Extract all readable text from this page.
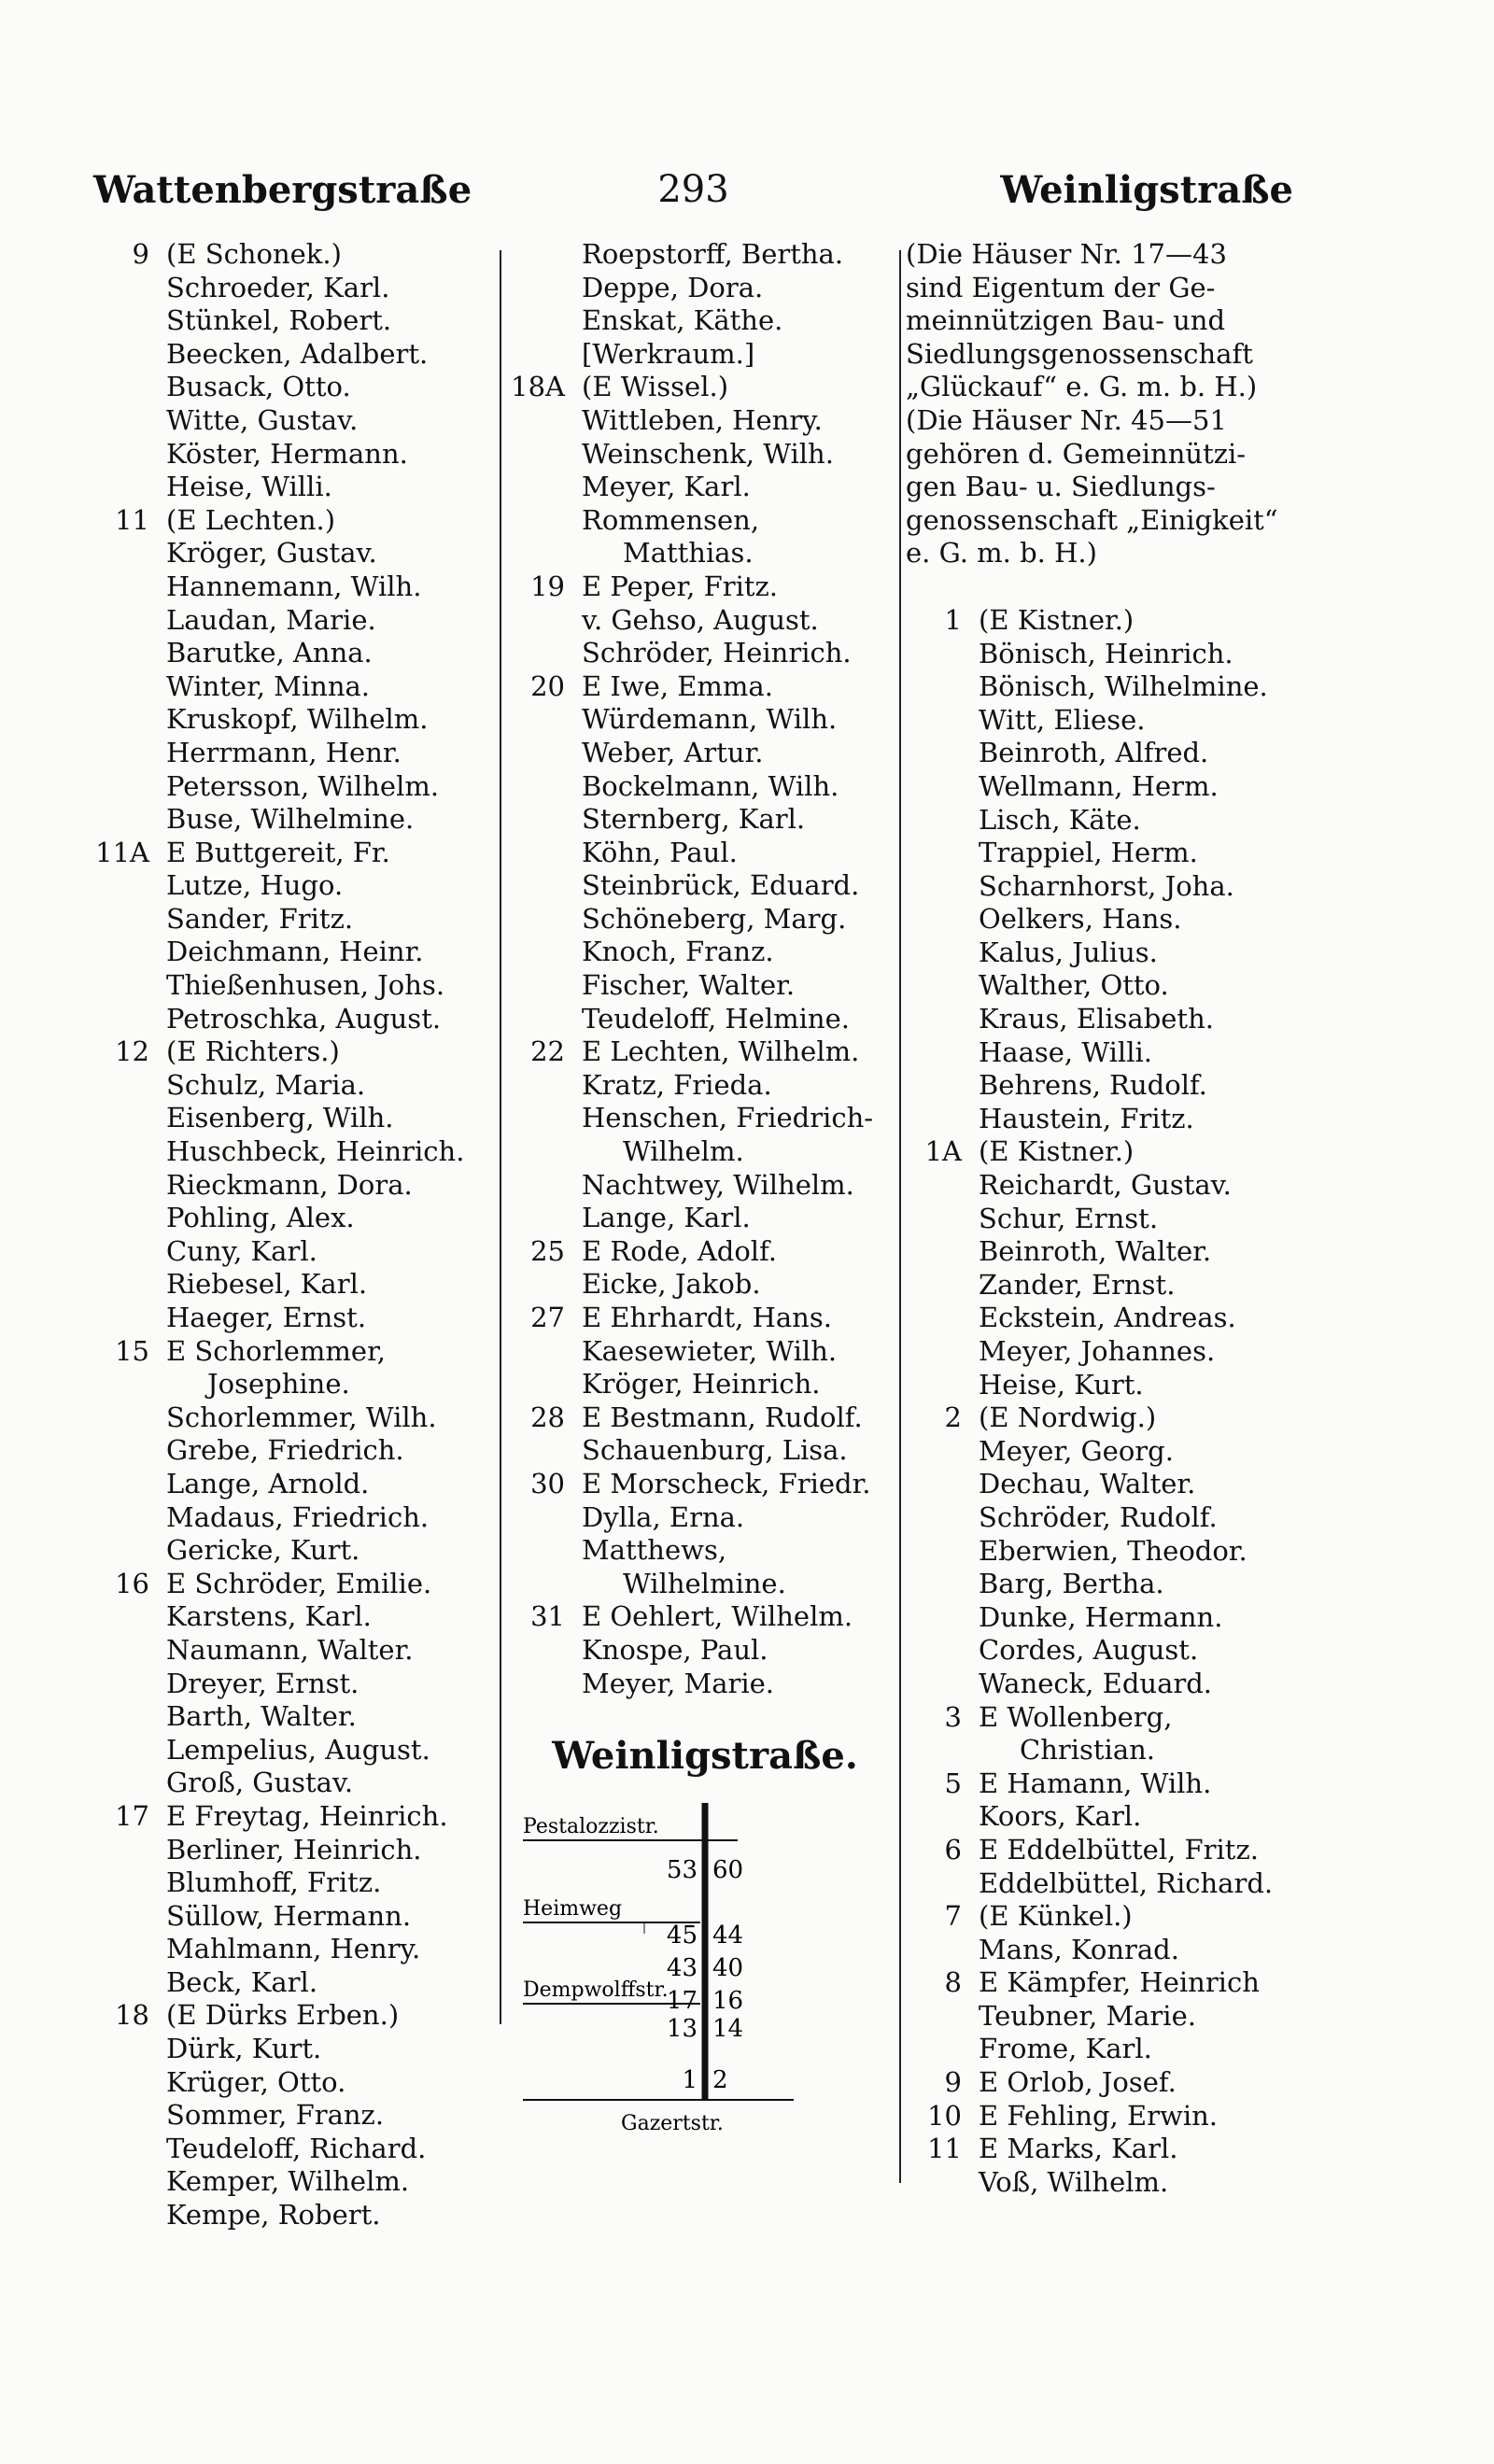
Wattenbergstraße	293	Weinligstraße
9 (E Schonek.)
Schroeder, Karl.
Stünkel, Robert.
Beecken, Adalbert.
Busack, Otto.
Witte, Gustav.
Köster, Hermann.
Heise, Willi.
11 (E Lechten.)
Kröger, Gustav.
Hannemann, Wilh.
Laudan, Marie.
Barutke, Anna.
Winter, Minna.
Kruskopf, Wilhelm.
Herrmann, Henr.
Petersson, Wilhelm.
Buse, Wilhelmine.
11A E Buttgereit, Fr.
Lutze, Hugo.
Sander, Fritz.
Deichmann, Heinr.
Thießenhusen, Johs.
Petroschka, August.
12 (E Richters.)
Schulz, Maria.
Eisenberg, Wilh.
Huschbeck, Heinrich.
Rieckmann, Dora.
Pohling, Alex.
Cuny, Karl.
Riebesel, Karl.
Haeger, Ernst.
15 E Schorlemmer,
Josephine.
Schorlemmer, Wilh.
Grebe, Friedrich.
Lange, Arnold.
Madaus, Friedrich.
Gericke, Kurt.
16 E Schröder, Emilie.
Karstens, Karl.
Naumann, Walter.
Dreyer, Ernst.
Barth, Walter.
Lempelius, August.
Groß, Gustav.
17 E Freytag, Heinrich.
Berliner, Heinrich.
Blumhoff, Fritz.
Süllow, Hermann.
Mahlmann, Henry.
Beck, Karl.
18 (E Dürks Erben.)
Dürk, Kurt.
Krüger, Otto.
Sommer, Franz.
Teudeloff, Richard.
Kemper, Wilhelm.
Kempe, Robert.
Roepstorff, Bertha.
Deppe, Dora.
Enskat, Käthe.
[Werkraum.]
18A (E Wissel.)
Wittleben, Henry.
Weinschenk, Wilh.
Meyer, Karl.
Rommensen,
Matthias.
19 E Peper, Fritz.
v. Gehso, August.
Schröder, Heinrich.
20 E Iwe, Emma.
Würdemann, Wilh.
Weber, Artur.
Bockelmann, Wilh.
Sternberg, Karl.
Köhn, Paul.
Steinbrück, Eduard.
Schöneberg, Marg.
Knoch, Franz.
Fischer, Walter.
Teudeloff, Helmine.
22 E Lechten, Wilhelm.
Kratz, Frieda.
Henschen, Friedrich-
Wilhelm.
Nachtwey, Wilhelm.
Lange, Karl.
25 E Rode, Adolf.
Eicke, Jakob.
27 E Ehrhardt, Hans.
Kaesewieter, Wilh.
Kröger, Heinrich.
28 E Bestmann, Rudolf.
Schauenburg, Lisa.
30 E Morscheck, Friedr.
Dylla, Erna.
Matthews,
Wilhelmine.
31 E Oehlert, Wilhelm.
Knospe, Paul.
Meyer, Marie.
Weinligstraße.
Pestalozzistr.
Heimweg
Dempwolffstr.
Gazertstr.
53
45
43
17
13
1
60
44
40
16
14
2
(Die Häuser Nr. 17—43
sind Eigentum der Ge-
meinnützigen Bau- und
Siedlungsgenossenschaft
„Glückauf“ e. G. m. b. H.)
(Die Häuser Nr. 45—51
gehören d. Gemeinnützi-
gen Bau- u. Siedlungs-
genossenschaft „Einigkeit“
e. G. m. b. H.)
1 (E Kistner.)
Bönisch, Heinrich.
Bönisch, Wilhelmine.
Witt, Eliese.
Beinroth, Alfred.
Wellmann, Herm.
Lisch, Käte.
Trappiel, Herm.
Scharnhorst, Joha.
Oelkers, Hans.
Kalus, Julius.
Walther, Otto.
Kraus, Elisabeth.
Haase, Willi.
Behrens, Rudolf.
Haustein, Fritz.
1A (E Kistner.)
Reichardt, Gustav.
Schur, Ernst.
Beinroth, Walter.
Zander, Ernst.
Eckstein, Andreas.
Meyer, Johannes.
Heise, Kurt.
2 (E Nordwig.)
Meyer, Georg.
Dechau, Walter.
Schröder, Rudolf.
Eberwien, Theodor.
Barg, Bertha.
Dunke, Hermann.
Cordes, August.
Waneck, Eduard.
3 E Wollenberg,
Christian.
5 E Hamann, Wilh.
Koors, Karl.
6 E Eddelbüttel, Fritz.
Eddelbüttel, Richard.
7 (E Künkel.)
Mans, Konrad.
8 E Kämpfer, Heinrich
Teubner, Marie.
Frome, Karl.
9 E Orlob, Josef.
10 E Fehling, Erwin.
11 E Marks, Karl.
Voß, Wilhelm.
